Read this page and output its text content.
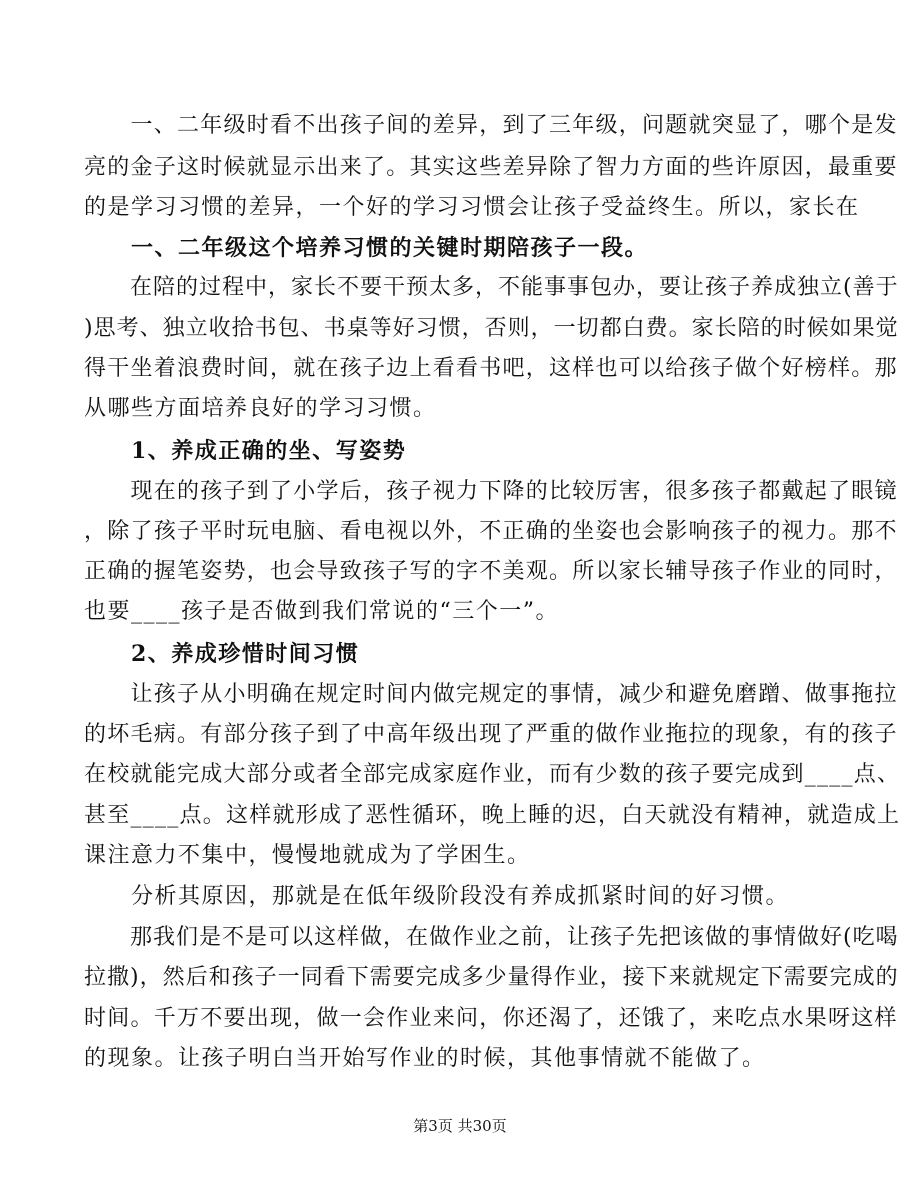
　　一、二年级时看不出孩子间的差异，到了三年级，问题就突显了，哪个是发
亮的金子这时候就显示出来了。其实这些差异除了智力方面的些许原因，最重要
的是学习习惯的差异，一个好的学习习惯会让孩子受益终生。所以，家长在
　　一、二年级这个培养习惯的关键时期陪孩子一段。
　　在陪的过程中，家长不要干预太多，不能事事包办，要让孩子养成独立(善于
)思考、独立收拾书包、书桌等好习惯，否则，一切都白费。家长陪的时候如果觉
得干坐着浪费时间，就在孩子边上看看书吧，这样也可以给孩子做个好榜样。那
从哪些方面培养良好的学习习惯。
　　1、养成正确的坐、写姿势
　　现在的孩子到了小学后，孩子视力下降的比较厉害，很多孩子都戴起了眼镜
，除了孩子平时玩电脑、看电视以外，不正确的坐姿也会影响孩子的视力。那不
正确的握笔姿势，也会导致孩子写的字不美观。所以家长辅导孩子作业的同时，
也要____孩子是否做到我们常说的“三个一”。
　　2、养成珍惜时间习惯
　　让孩子从小明确在规定时间内做完规定的事情，减少和避免磨蹭、做事拖拉
的坏毛病。有部分孩子到了中高年级出现了严重的做作业拖拉的现象，有的孩子
在校就能完成大部分或者全部完成家庭作业，而有少数的孩子要完成到____点、
甚至____点。这样就形成了恶性循环，晚上睡的迟，白天就没有精神，就造成上
课注意力不集中，慢慢地就成为了学困生。
　　分析其原因，那就是在低年级阶段没有养成抓紧时间的好习惯。
　　那我们是不是可以这样做，在做作业之前，让孩子先把该做的事情做好(吃喝
拉撒)，然后和孩子一同看下需要完成多少量得作业，接下来就规定下需要完成的
时间。千万不要出现，做一会作业来问，你还渴了，还饿了，来吃点水果呀这样
的现象。让孩子明白当开始写作业的时候，其他事情就不能做了。
第3页 共30页
